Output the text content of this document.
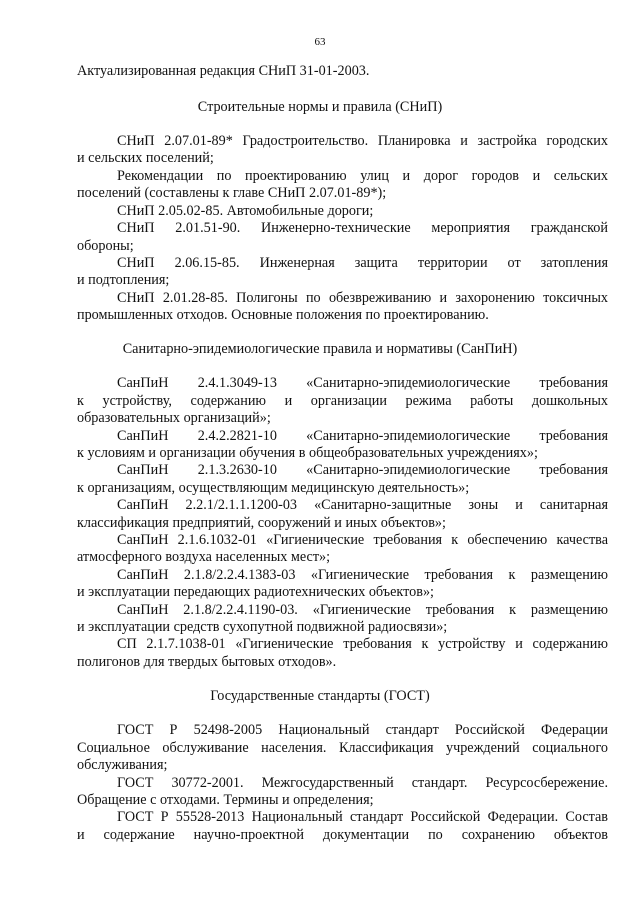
63
Актуализированная редакция СНиП 31-01-2003.
Строительные нормы и правила (СНиП)
СНиП 2.07.01-89* Градостроительство. Планировка и застройка городских
и сельских поселений;
Рекомендации по проектированию улиц и дорог городов и сельских
поселений (составлены к главе СНиП 2.07.01-89*);
СНиП 2.05.02-85. Автомобильные дороги;
СНиП 2.01.51-90. Инженерно-технические мероприятия гражданской
обороны;
СНиП 2.06.15-85. Инженерная защита территории от затопления
и подтопления;
СНиП 2.01.28-85. Полигоны по обезвреживанию и захоронению токсичных
промышленных отходов. Основные положения по проектированию.
Санитарно-эпидемиологические правила и нормативы (СанПиН)
СанПиН 2.4.1.3049-13 «Санитарно-эпидемиологические требования
к устройству, содержанию и организации режима работы дошкольных
образовательных организаций»;
СанПиН 2.4.2.2821-10 «Санитарно-эпидемиологические требования
к условиям и организации обучения в общеобразовательных учреждениях»;
СанПиН 2.1.3.2630-10 «Санитарно-эпидемиологические требования
к организациям, осуществляющим медицинскую деятельность»;
СанПиН 2.2.1/2.1.1.1200-03 «Санитарно-защитные зоны и санитарная
классификация предприятий, сооружений и иных объектов»;
СанПиН 2.1.6.1032-01 «Гигиенические требования к обеспечению качества
атмосферного воздуха населенных мест»;
СанПиН 2.1.8/2.2.4.1383-03 «Гигиенические требования к размещению
и эксплуатации передающих радиотехнических объектов»;
СанПиН 2.1.8/2.2.4.1190-03. «Гигиенические требования к размещению
и эксплуатации средств сухопутной подвижной радиосвязи»;
СП 2.1.7.1038-01 «Гигиенические требования к устройству и содержанию
полигонов для твердых бытовых отходов».
Государственные стандарты (ГОСТ)
ГОСТ Р 52498-2005 Национальный стандарт Российской Федерации
Социальное обслуживание населения. Классификация учреждений социального
обслуживания;
ГОСТ 30772-2001. Межгосударственный стандарт. Ресурсосбережение.
Обращение с отходами. Термины и определения;
ГОСТ Р 55528-2013 Национальный стандарт Российской Федерации. Состав
и содержание научно-проектной документации по сохранению объектов
